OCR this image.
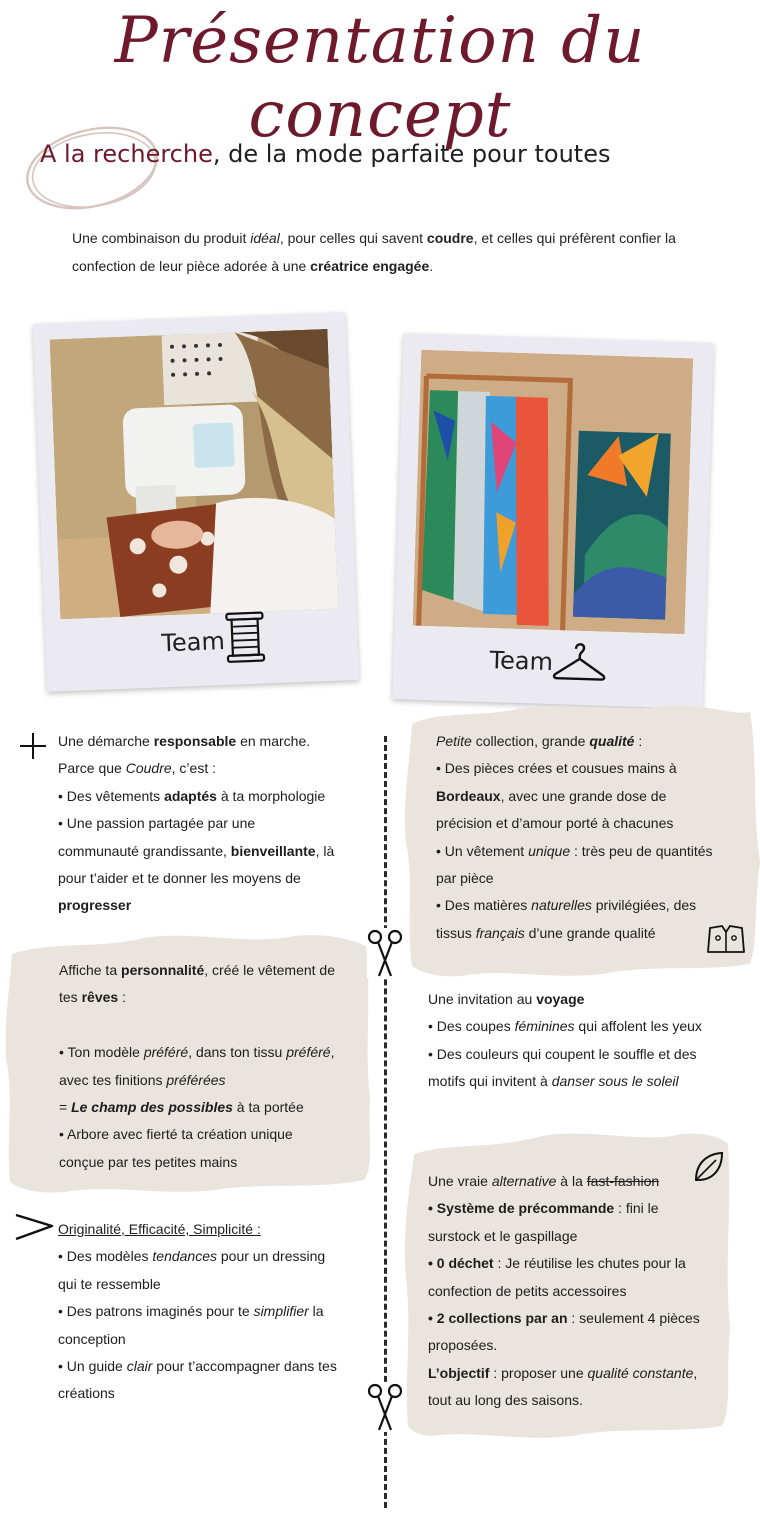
Présentation du concept
A la recherche, de la mode parfaite pour toutes

Une combinaison du produit idéal, pour celles qui savent coudre, et celles qui préfèrent confier la

confection de leur pièce adorée à une créatrice engagée.

Team
Team

Une démarche responsable en marche.

Parce que Coudre, c’est :

• Des vêtements adaptés à ta morphologie

• Une passion partagée par une

communauté grandissante, bienveillante, là

pour t’aider et te donner les moyens de

progresser

Petite collection, grande qualité :

• Des pièces crées et cousues mains à

Bordeaux, avec une grande dose de

précision et d’amour porté à chacunes

• Un vêtement unique : très peu de quantités

par pièce

• Des matières naturelles privilégiées, des

tissus français d’une grande qualité

Affiche ta personnalité, créé le vêtement de

tes rêves :

• Ton modèle préféré, dans ton tissu préféré,

avec tes finitions préférées

= Le champ des possibles à ta portée

• Arbore avec fierté ta création unique

conçue par tes petites mains

Une invitation au voyage

• Des coupes féminines qui affolent les yeux

• Des couleurs qui coupent le souffle et des

motifs qui invitent à danser sous le soleil

Originalité, Efficacité, Simplicité :

• Des modèles tendances pour un dressing

qui te ressemble

• Des patrons imaginés pour te simplifier la

conception

• Un guide clair pour t’accompagner dans tes

créations

Une vraie alternative à la fast-fashion

• Système de précommande : fini le

surstock et le gaspillage

• 0 déchet : Je réutilise les chutes pour la

confection de petits accessoires

• 2 collections par an : seulement 4 pièces

proposées.

L’objectif : proposer une qualité constante,

tout au long des saisons.
